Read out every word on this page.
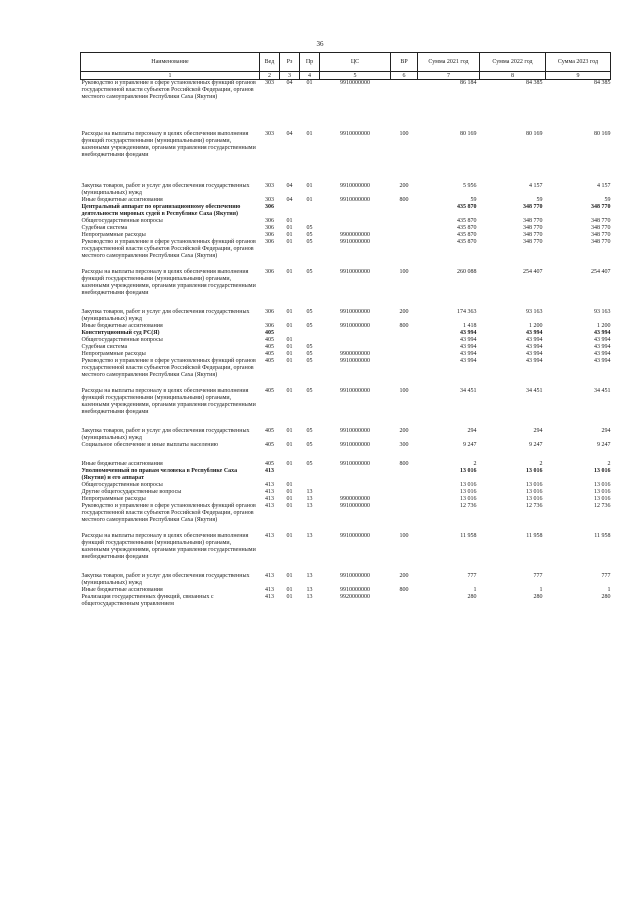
36
Наименование	Вед	Рз	Пр	ЦС	ВР	Сумма 2021 год	Сумма 2022 год	Сумма 2023 год
1	2	3	4	5	6	7	8	9
Руководство и управление в сфере установленных функций органов государственной власти субъектов Российской Федерации, органов местного самоуправления Республики Саха (Якутия)	303	04	01	9910000000		86 184	84 385	84 385
Расходы на выплаты персоналу в целях обеспечения выполнения функций государственными (муниципальными) органами, казенными учреждениями, органами управления государственными внебюджетными фондами	303	04	01	9910000000	100	80 169	80 169	80 169
Закупка товаров, работ и услуг для обеспечения государственных (муниципальных) нужд	303	04	01	9910000000	200	5 956	4 157	4 157
Иные бюджетные ассигнования	303	04	01	9910000000	800	59	59	59
Центральный аппарат по организационному обеспечению деятельности мировых судей в Республике Саха (Якутия)	306					435 870	348 770	348 770
Общегосударственные вопросы	306	01				435 870	348 770	348 770
Судебная система	306	01	05			435 870	348 770	348 770
Непрограммные расходы	306	01	05	9900000000		435 870	348 770	348 770
Руководство и управление в сфере установленных функций органов государственной власти субъектов Российской Федерации, органов местного самоуправления Республики Саха (Якутия)	306	01	05	9910000000		435 870	348 770	348 770
Расходы на выплаты персоналу в целях обеспечения выполнения функций государственными (муниципальными) органами, казенными учреждениями, органами управления государственными внебюджетными фондами	306	01	05	9910000000	100	260 088	254 407	254 407
Закупка товаров, работ и услуг для обеспечения государственных (муниципальных) нужд	306	01	05	9910000000	200	174 363	93 163	93 163
Иные бюджетные ассигнования	306	01	05	9910000000	800	1 418	1 200	1 200
Конституционный суд РС(Я)	405					43 994	43 994	43 994
Общегосударственные вопросы	405	01				43 994	43 994	43 994
Судебная система	405	01	05			43 994	43 994	43 994
Непрограммные расходы	405	01	05	9900000000		43 994	43 994	43 994
Руководство и управление в сфере установленных функций органов государственной власти субъектов Российской Федерации, органов местного самоуправления Республики Саха (Якутия)	405	01	05	9910000000		43 994	43 994	43 994
Расходы на выплаты персоналу в целях обеспечения выполнения функций государственными (муниципальными) органами, казенными учреждениями, органами управления государственными внебюджетными фондами	405	01	05	9910000000	100	34 451	34 451	34 451
Закупка товаров, работ и услуг для обеспечения государственных (муниципальных) нужд	405	01	05	9910000000	200	294	294	294
Социальное обеспечение и иные выплаты населению	405	01	05	9910000000	300	9 247	9 247	9 247
Иные бюджетные ассигнования	405	01	05	9910000000	800	2	2	2
Уполномоченный по правам человека в Республике Саха (Якутия) и его аппарат	413					13 016	13 016	13 016
Общегосударственные вопросы	413	01				13 016	13 016	13 016
Другие общегосударственные вопросы	413	01	13			13 016	13 016	13 016
Непрограммные расходы	413	01	13	9900000000		13 016	13 016	13 016
Руководство и управление в сфере установленных функций органов государственной власти субъектов Российской Федерации, органов местного самоуправления Республики Саха (Якутия)	413	01	13	9910000000		12 736	12 736	12 736
Расходы на выплаты персоналу в целях обеспечения выполнения функций государственными (муниципальными) органами, казенными учреждениями, органами управления государственными внебюджетными фондами	413	01	13	9910000000	100	11 958	11 958	11 958
Закупка товаров, работ и услуг для обеспечения государственных (муниципальных) нужд	413	01	13	9910000000	200	777	777	777
Иные бюджетные ассигнования	413	01	13	9910000000	800	1	1	1
Реализация государственных функций, связанных с общегосударственным управлением	413	01	13	9920000000		280	280	280
